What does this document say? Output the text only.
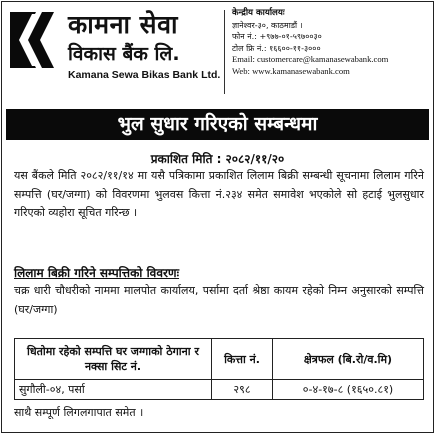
कामना सेवा
विकास बैंक लि.
Kamana Sewa Bikas Bank Ltd.
केन्द्रीय कार्यालयः
ज्ञानेश्वर-३०, काठमाडौं ।
फोन नं.: +९७७-०१-५९७००३०
टोल फ्रि नं.: १६६००-११-३०००
Email: customercare@kamanasewabank.com
Web: www.kamanasewabank.com
भुल सुधार गरिएको सम्बन्धमा
प्रकाशित मिति : २०८२/११/२०
यस बैंकले मिति २०८२/११/१४ मा यसै पत्रिकामा प्रकाशित लिलाम बिक्री सम्बन्धी सूचनामा लिलाम गरिने सम्पत्ति (घर/जग्गा) को विवरणमा भुलवस कित्ता नं.२३४ समेत समावेश भएकोले सो हटाई भुलसुधार गरिएको व्यहोरा सूचित गरिन्छ ।
लिलाम बिक्री गरिने सम्पत्तिको विवरणः
चक्र धारी चौधरीको नाममा मालपोत कार्यालय, पर्सामा दर्ता श्रेष्ठा कायम रहेको निम्न अनुसारको सम्पत्ति (घर/जग्गा)
धितोमा रहेको सम्पत्ति घर जग्गाको ठेगाना र नक्सा सिट नं.	कित्ता नं.	क्षेत्रफल (बि.रो/व.मि)
सुगौली-०४, पर्सा	२९८	०-४-१७-८ (१६५०.८१)
साथै सम्पूर्ण लिगलगापात समेत ।
